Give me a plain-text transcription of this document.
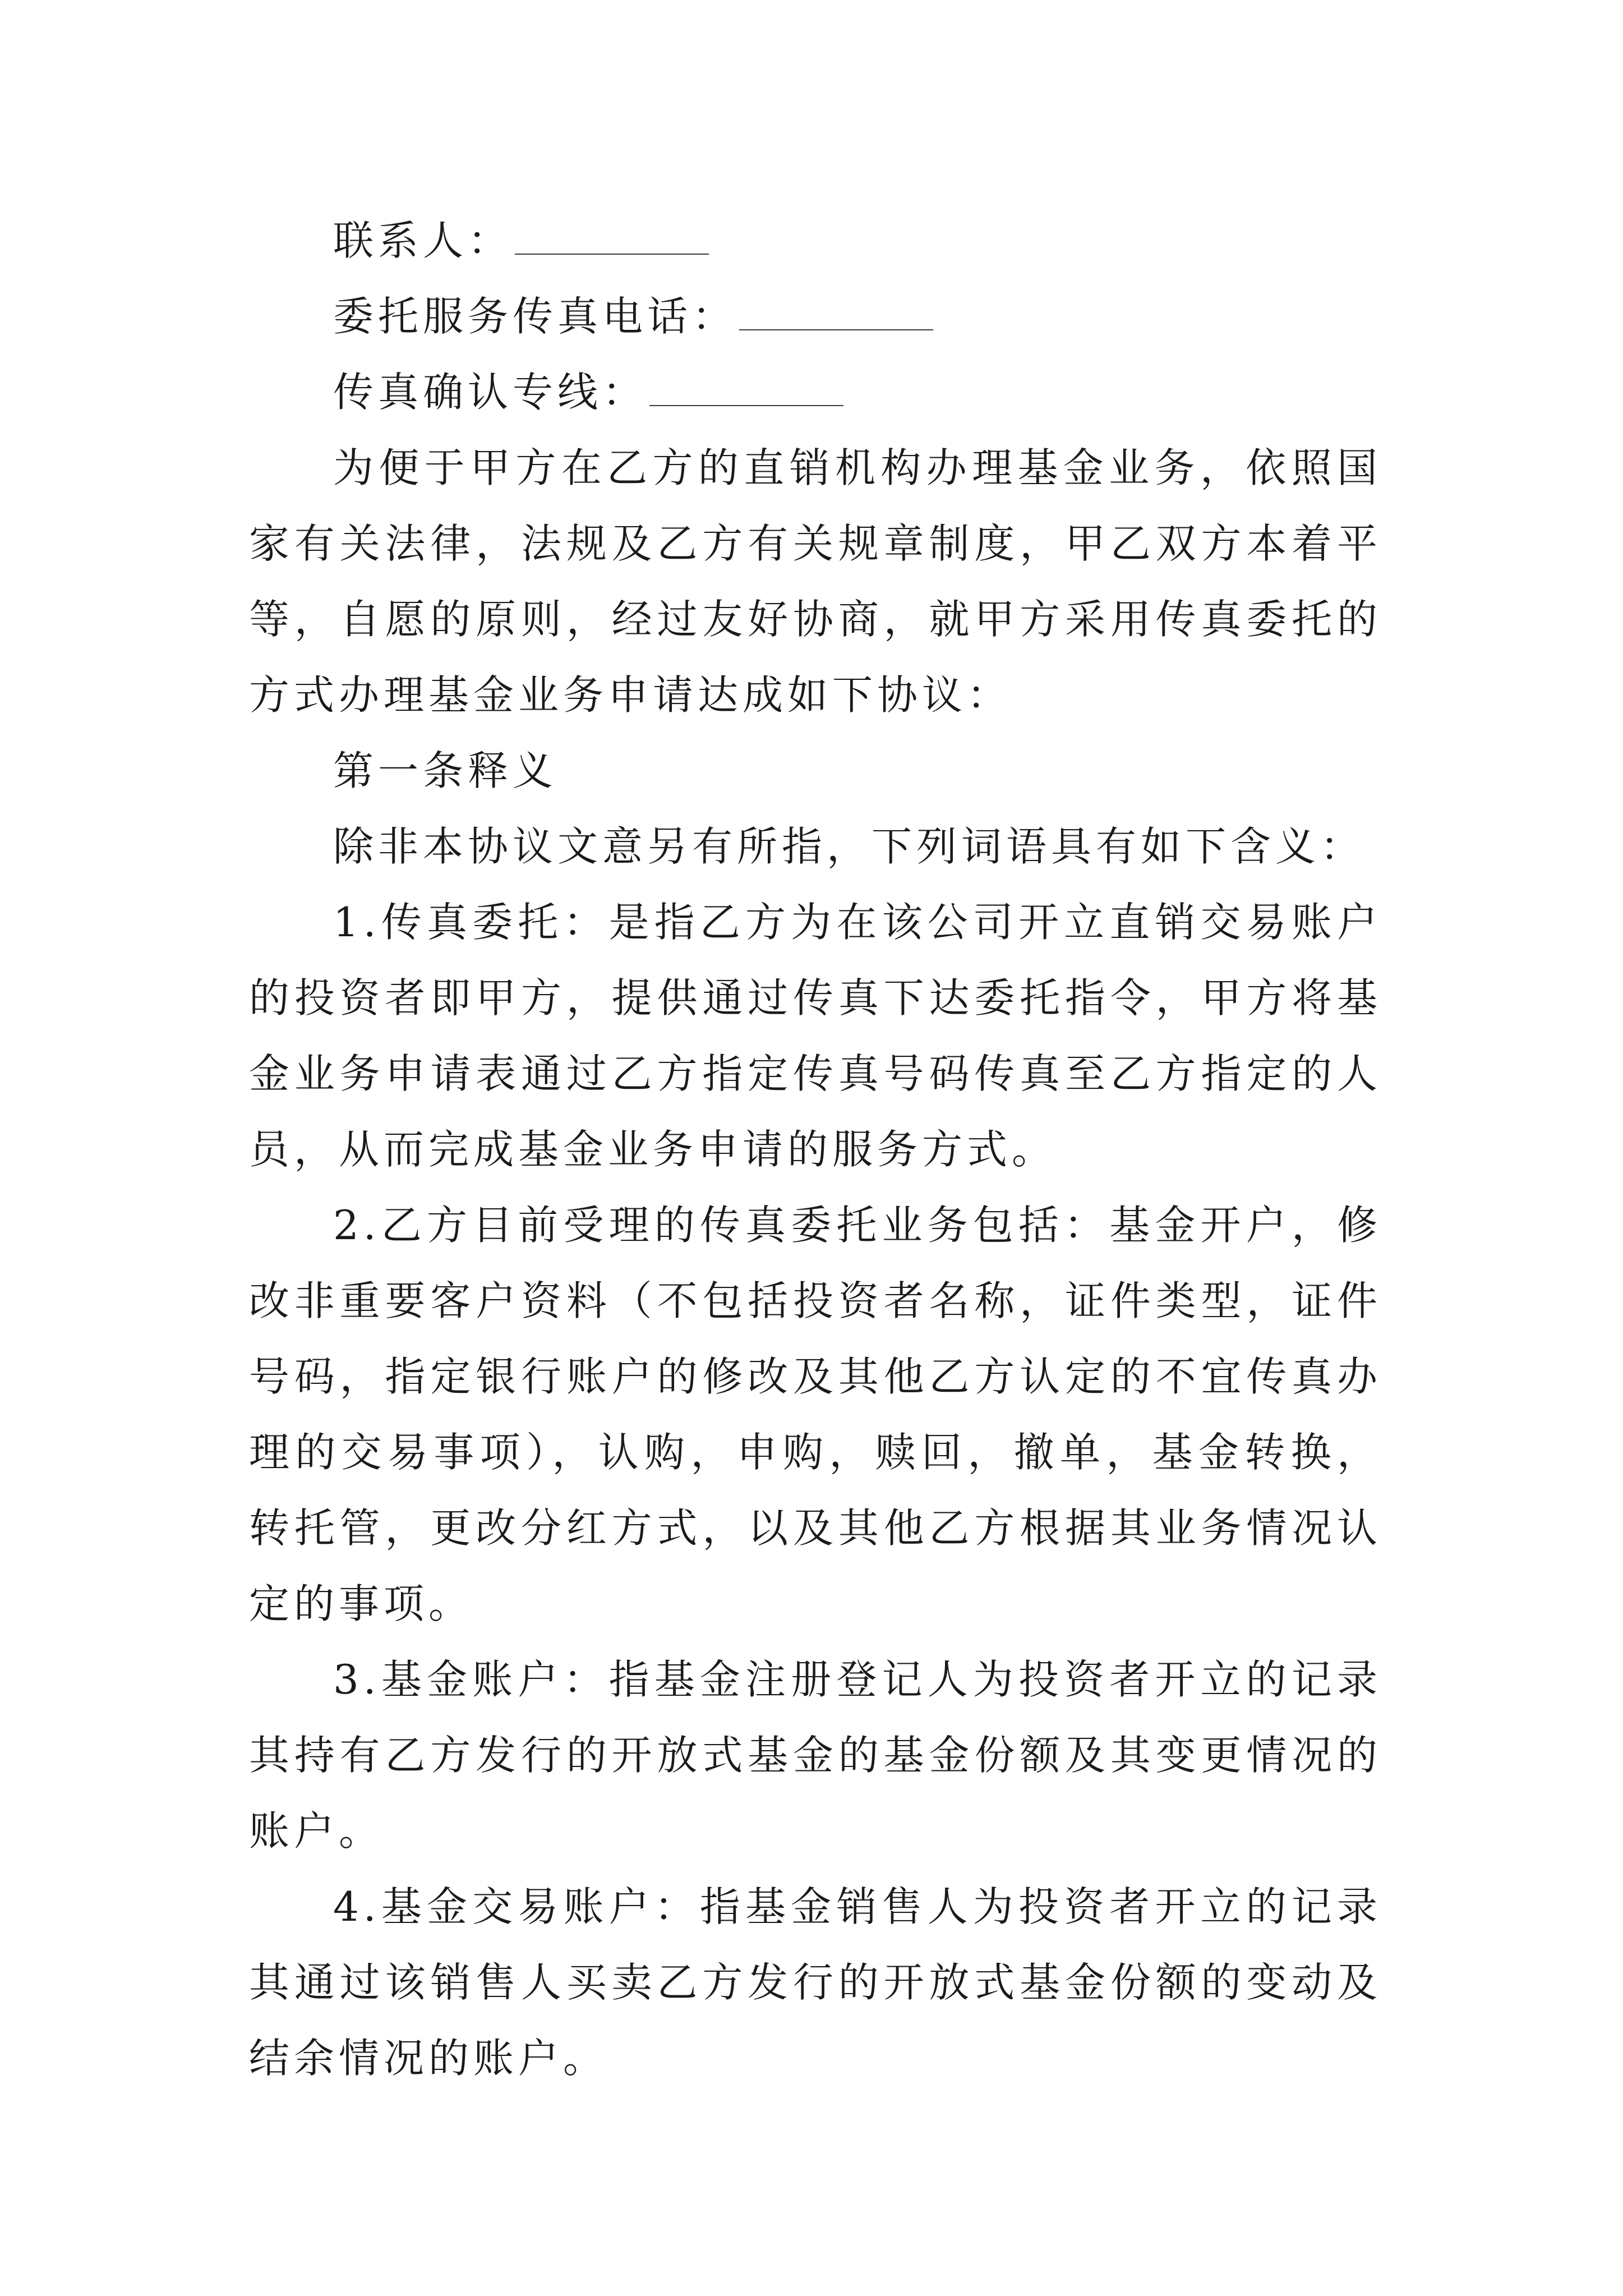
联系人：

委托服务传真电话：

传真确认专线：

为便于甲方在乙方的直销机构办理基金业务，依照国家有关法律，法规及乙方有关规章制度，甲乙双方本着平等，自愿的原则，经过友好协商，就甲方采用传真委托的方式办理基金业务申请达成如下协议：

第一条释义

除非本协议文意另有所指，下列词语具有如下含义：

1.传真委托：是指乙方为在该公司开立直销交易账户的投资者即甲方，提供通过传真下达委托指令，甲方将基金业务申请表通过乙方指定传真号码传真至乙方指定的人员，从而完成基金业务申请的服务方式。

2.乙方目前受理的传真委托业务包括：基金开户，修改非重要客户资料（不包括投资者名称，证件类型，证件号码，指定银行账户的修改及其他乙方认定的不宜传真办理的交易事项），认购，申购，赎回，撤单，基金转换，转托管，更改分红方式，以及其他乙方根据其业务情况认定的事项。

3.基金账户：指基金注册登记人为投资者开立的记录其持有乙方发行的开放式基金的基金份额及其变更情况的账户。

4.基金交易账户：指基金销售人为投资者开立的记录其通过该销售人买卖乙方发行的开放式基金份额的变动及结余情况的账户。
